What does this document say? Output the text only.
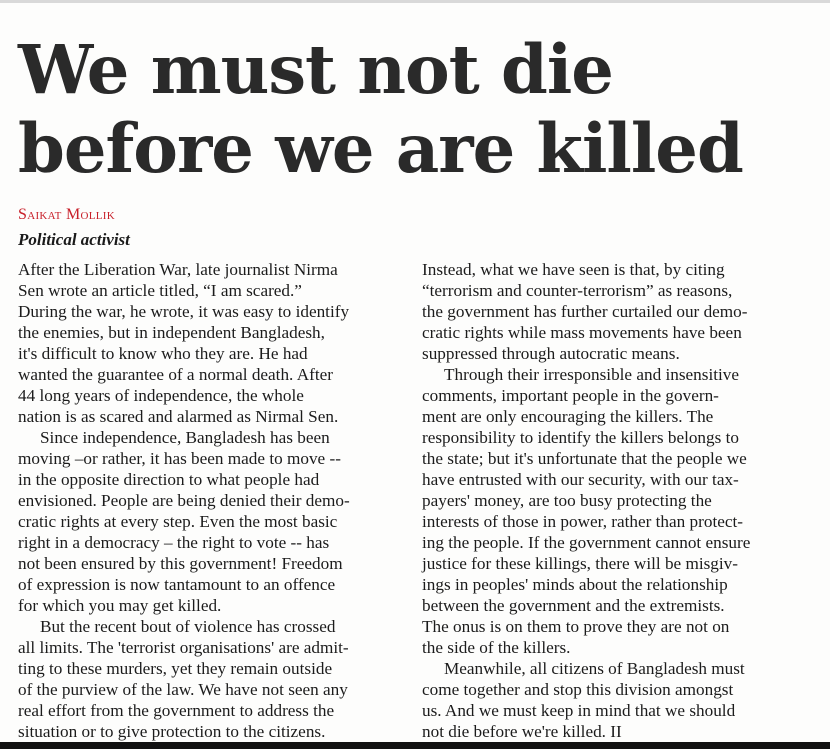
We must not die
before we are killed
Saikat Mollik
Political activist
After the Liberation War, late journalist Nirma
Sen wrote an article titled, “I am scared.”
During the war, he wrote, it was easy to identify
the enemies, but in independent Bangladesh,
it's difficult to know who they are. He had
wanted the guarantee of a normal death. After
44 long years of independence, the whole
nation is as scared and alarmed as Nirmal Sen.
Since independence, Bangladesh has been
moving –or rather, it has been made to move --
in the opposite direction to what people had
envisioned. People are being denied their demo-
cratic rights at every step. Even the most basic
right in a democracy – the right to vote -- has
not been ensured by this government! Freedom
of expression is now tantamount to an offence
for which you may get killed.
But the recent bout of violence has crossed
all limits. The 'terrorist organisations' are admit-
ting to these murders, yet they remain outside
of the purview of the law. We have not seen any
real effort from the government to address the
situation or to give protection to the citizens.
Instead, what we have seen is that, by citing
“terrorism and counter-terrorism” as reasons,
the government has further curtailed our demo-
cratic rights while mass movements have been
suppressed through autocratic means.
Through their irresponsible and insensitive
comments, important people in the govern-
ment are only encouraging the killers. The
responsibility to identify the killers belongs to
the state; but it's unfortunate that the people we
have entrusted with our security, with our tax-
payers' money, are too busy protecting the
interests of those in power, rather than protect-
ing the people. If the government cannot ensure
justice for these killings, there will be misgiv-
ings in peoples' minds about the relationship
between the government and the extremists.
The onus is on them to prove they are not on
the side of the killers.
Meanwhile, all citizens of Bangladesh must
come together and stop this division amongst
us. And we must keep in mind that we should
not die before we're killed. II
